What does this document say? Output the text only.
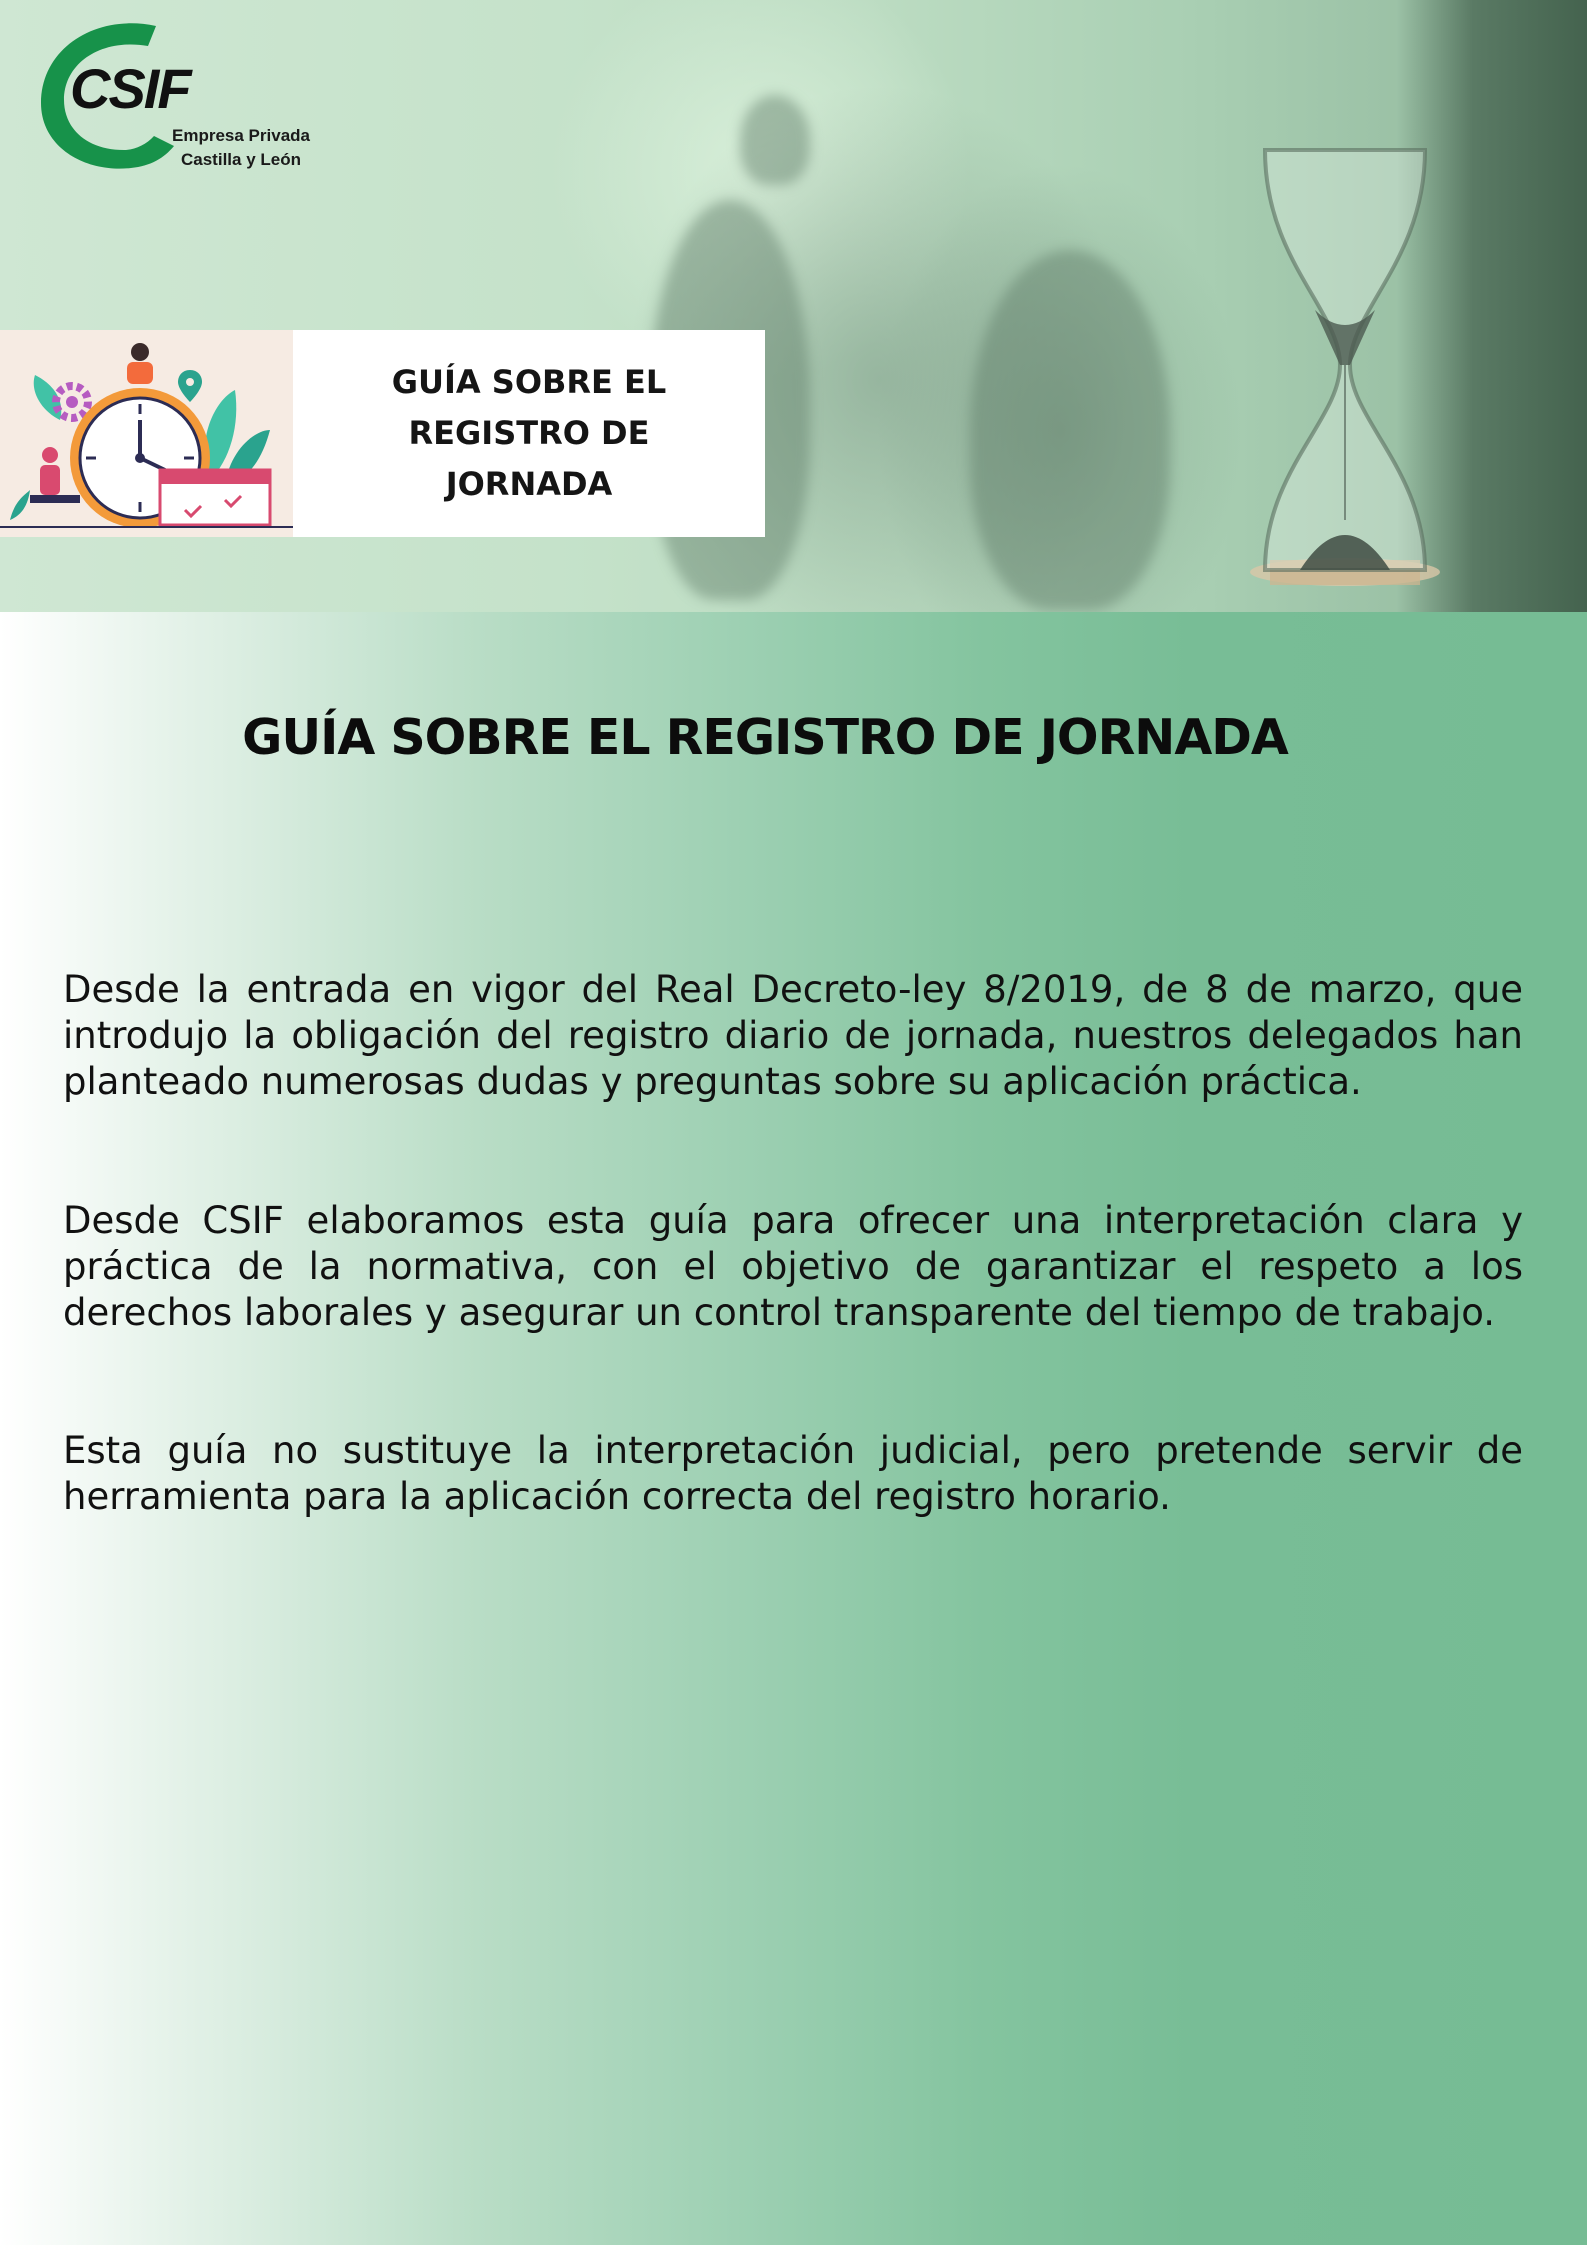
CSIF
Empresa Privada
Castilla y León
GUÍA SOBRE EL REGISTRO DE JORNADA
GUÍA SOBRE EL REGISTRO DE JORNADA
Desde la entrada en vigor del Real Decreto-ley 8/2019, de 8 de marzo, que introdujo la obligación del registro diario de jornada, nuestros delegados han planteado numerosas dudas y preguntas sobre su aplicación práctica.
Desde CSIF elaboramos esta guía para ofrecer una interpretación clara y práctica de la normativa, con el objetivo de garantizar el respeto a los derechos laborales y asegurar un control transparente del tiempo de trabajo.
Esta guía no sustituye la interpretación judicial, pero pretende servir de herramienta para la aplicación correcta del registro horario.
